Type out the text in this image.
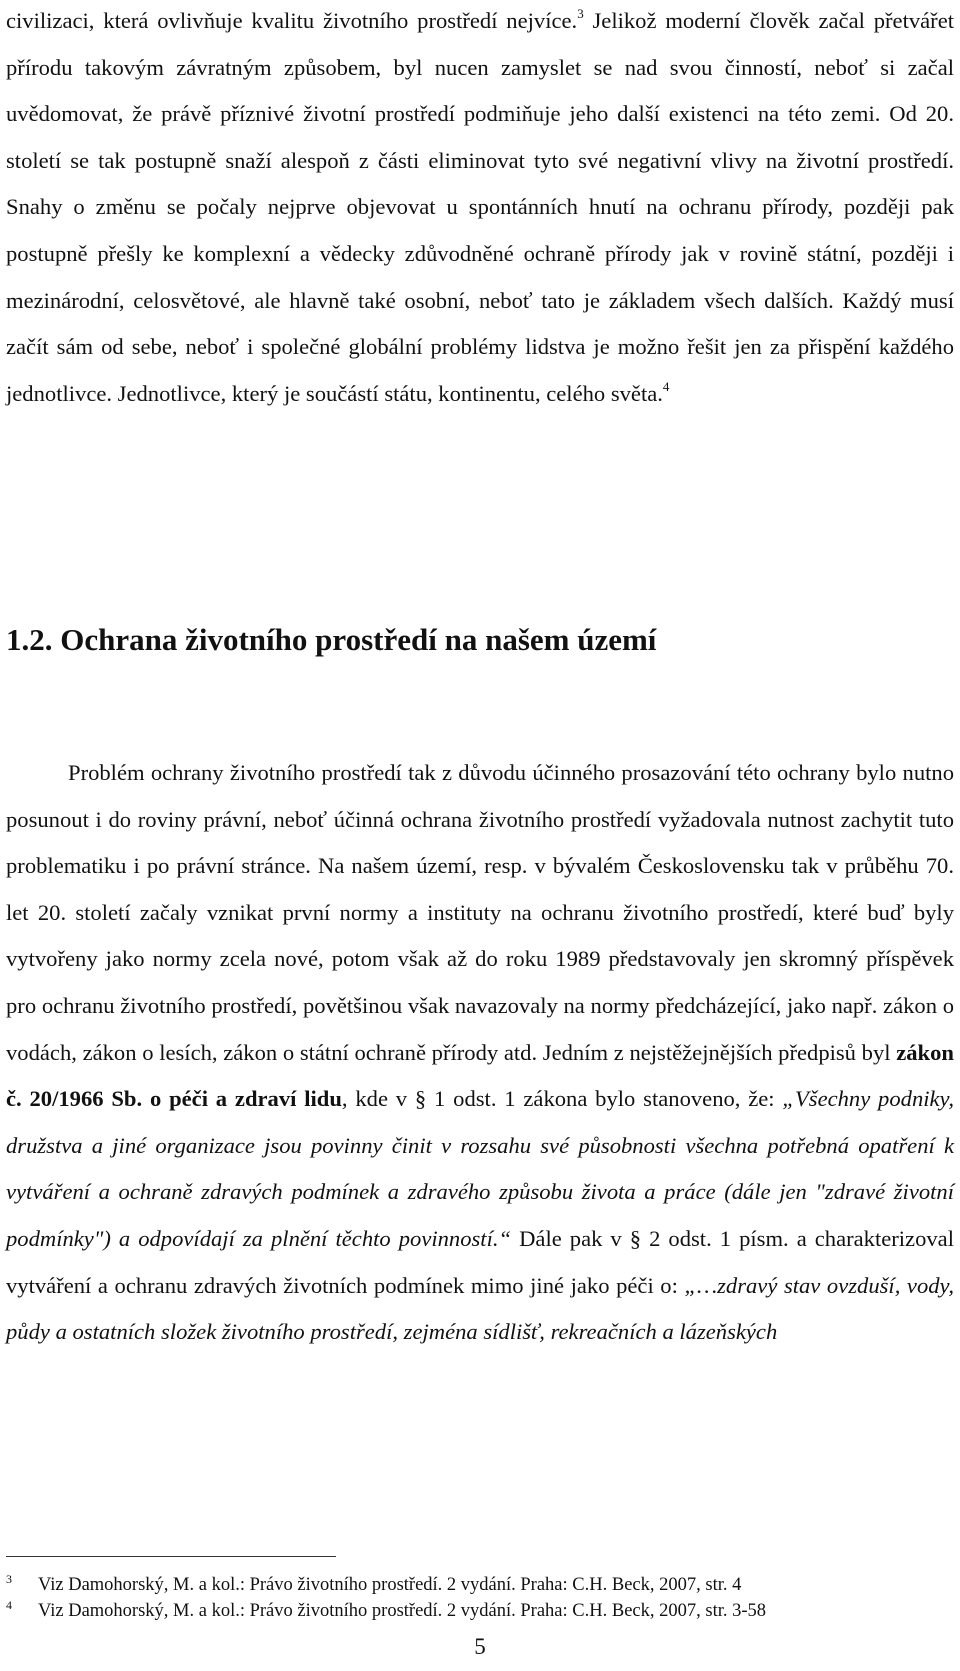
civilizaci, která ovlivňuje kvalitu životního prostředí nejvíce.$^3$ Jelikož moderní člověk začal přetvářet přírodu takovým závratným způsobem, byl nucen zamyslet se nad svou činností, neboť si začal uvědomovat, že právě příznivé životní prostředí podmiňuje jeho další existenci na této zemi. Od 20. století se tak postupně snaží alespoň z části eliminovat tyto své negativní vlivy na životní prostředí. Snahy o změnu se počaly nejprve objevovat u spontánních hnutí na ochranu přírody, později pak postupně přešly ke komplexní a vědecky zdůvodněné ochraně přírody jak v rovině státní, později i mezinárodní, celosvětové, ale hlavně také osobní, neboť tato je základem všech dalších. Každý musí začít sám od sebe, neboť i společné globální problémy lidstva je možno řešit jen za přispění každého jednotlivce. Jednotlivce, který je součástí státu, kontinentu, celého světa.$^4$

1.2. Ochrana životního prostředí na našem území

Problém ochrany životního prostředí tak z důvodu účinného prosazování této ochrany bylo nutno posunout i do roviny právní, neboť účinná ochrana životního prostředí vyžadovala nutnost zachytit tuto problematiku i po právní stránce. Na našem území, resp. v bývalém Československu tak v průběhu 70. let 20. století začaly vznikat první normy a instituty na ochranu životního prostředí, které buď byly vytvořeny jako normy zcela nové, potom však až do roku 1989 představovaly jen skromný příspěvek pro ochranu životního prostředí, povětšinou však navazovaly na normy předcházející, jako např. zákon o vodách, zákon o lesích, zákon o státní ochraně přírody atd. Jedním z nejstěžejnějších předpisů byl zákon č. 20/1966 Sb. o péči a zdraví lidu, kde v § 1 odst. 1 zákona bylo stanoveno, že: „Všechny podniky, družstva a jiné organizace jsou povinny činit v rozsahu své působnosti všechna potřebná opatření k vytváření a ochraně zdravých podmínek a zdravého způsobu života a práce (dále jen "zdravé životní podmínky") a odpovídají za plnění těchto povinností.“ Dále pak v § 2 odst. 1 písm. a charakterizoval vytváření a ochranu zdravých životních podmínek mimo jiné jako péči o: „…zdravý stav ovzduší, vody, půdy a ostatních složek životního prostředí, zejména sídlišť, rekreačních a lázeňských

3 Viz Damohorský, M. a kol.: Právo životního prostředí. 2 vydání. Praha: C.H. Beck, 2007, str. 4
4 Viz Damohorský, M. a kol.: Právo životního prostředí. 2 vydání. Praha: C.H. Beck, 2007, str. 3-58
5
